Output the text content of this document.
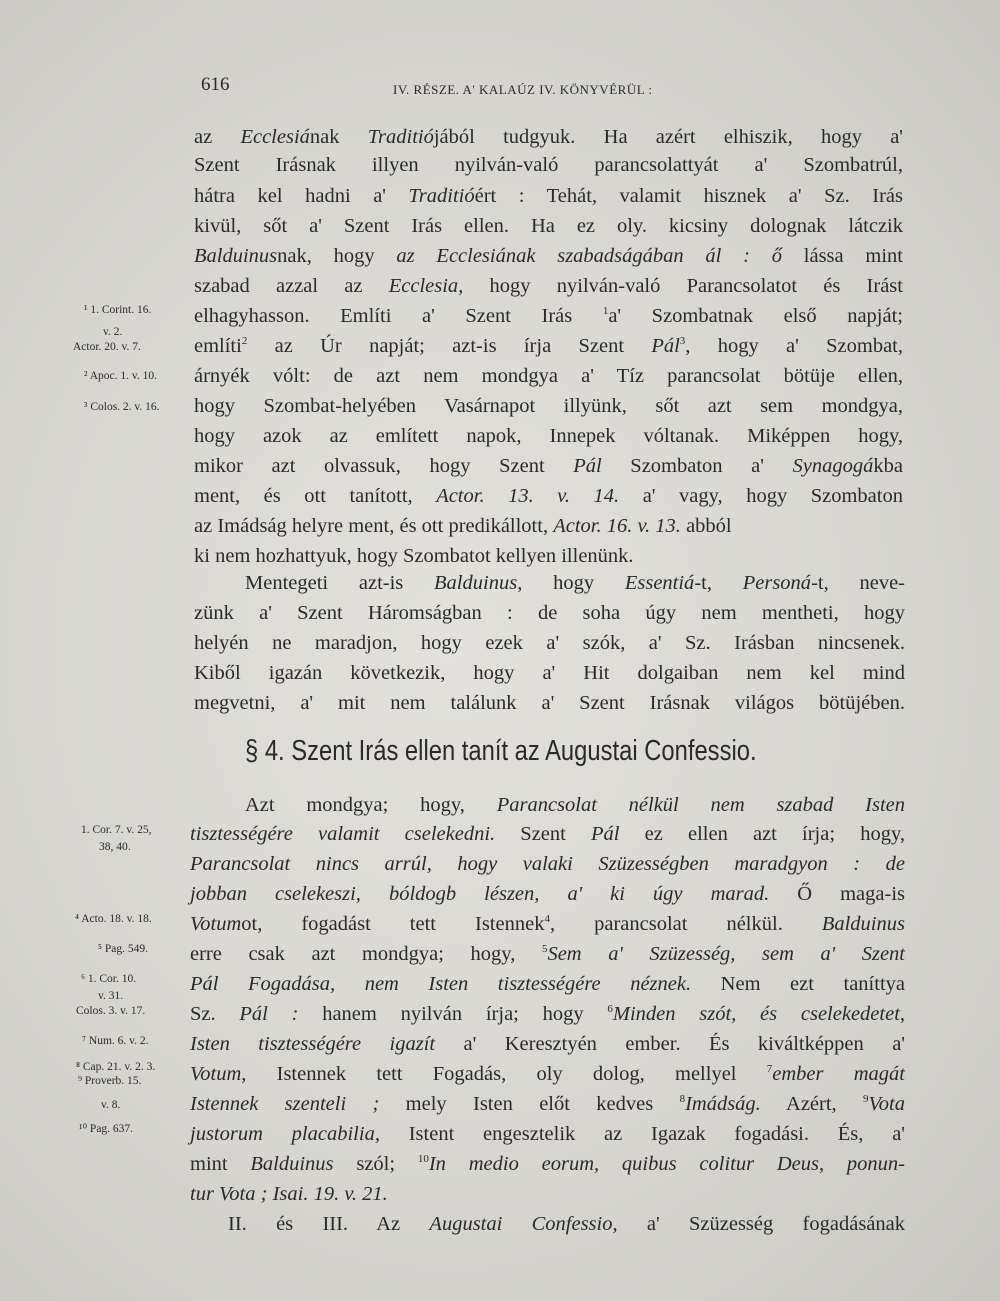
616	IV. RÉSZE. A' KALAÚZ IV. KÖNYVÉRÜL :
az Ecclesiának Traditiójából tudgyuk. Ha azért elhiszik, hogy a'
Szent Irásnak illyen nyilván-való parancsolattyát a' Szombatrúl,
hátra kel hadni a' Traditióért : Tehát, valamit hisznek a' Sz. Irás
kivül, sőt a' Szent Irás ellen. Ha ez oly. kicsiny dolognak látczik
Balduinusnak, hogy az Ecclesiának szabadságában ál : ő lássa mint
szabad azzal az Ecclesia, hogy nyilván-való Parancsolatot és Irást
elhagyhasson. Említi a' Szent Irás $^1$a' Szombatnak első napját;
említi$^2$ az Úr napját; azt-is írja Szent Pál$^3$, hogy a' Szombat,
árnyék vólt: de azt nem mondgya a' Tíz parancsolat bötüje ellen,
hogy Szombat-helyében Vasárnapot illyünk, sőt azt sem mondgya,
hogy azok az említett napok, Innepek vóltanak. Miképpen hogy,
mikor azt olvassuk, hogy Szent Pál Szombaton a' Synagogákba
ment, és ott tanított, Actor. 13. v. 14. a' vagy, hogy Szombaton
az Imádság helyre ment, és ott predikállott, Actor. 16. v. 13. abból
ki nem hozhattyuk, hogy Szombatot kellyen illenünk.
Mentegeti azt-is Balduinus, hogy Essentiá-t, Personá-t, neve-
zünk a' Szent Háromságban : de soha úgy nem mentheti, hogy
helyén ne maradjon, hogy ezek a' szók, a' Sz. Irásban nincsenek.
Kiből igazán következik, hogy a' Hit dolgaiban nem kel mind
megvetni, a' mit nem találunk a' Szent Irásnak világos bötüjében.
Azt mondgya; hogy, Parancsolat nélkül nem szabad Isten
tisztességére valamit cselekedni. Szent Pál ez ellen azt írja; hogy,
Parancsolat nincs arrúl, hogy valaki Szüzességben maradgyon : de
jobban cselekeszi, bóldogb lészen, a' ki úgy marad. Ő maga-is
Votumot, fogadást tett Istennek$^4$, parancsolat nélkül. Balduinus
erre csak azt mondgya; hogy, $^5$Sem a' Szüzesség, sem a' Szent
Pál Fogadása, nem Isten tisztességére néznek. Nem ezt taníttya
Sz. Pál : hanem nyilván írja; hogy $^6$Minden szót, és cselekedetet,
Isten tisztességére igazít a' Keresztyén ember. És kiváltképpen a'
Votum, Istennek tett Fogadás, oly dolog, mellyel $^7$ember magát
Istennek szenteli ; mely Isten előt kedves $^8$Imádság. Azért, $^9$Vota
justorum placabilia, Istent engesztelik az Igazak fogadási. És, a'
mint Balduinus szól; $^{10}$In medio eorum, quibus colitur Deus, ponun-
tur Vota ; Isai. 19. v. 21.
II. és III. Az Augustai Confessio, a' Szüzesség fogadásának
§ 4. Szent Irás ellen tanít az Augustai Confessio.
¹ 1. Corint. 16.
v. 2.
Actor. 20. v. 7.
² Apoc. 1. v. 10.
³ Colos. 2. v. 16.
1. Cor. 7. v. 25,
38, 40.
⁴ Acto. 18. v. 18.
⁵ Pag. 549.
⁶ 1. Cor. 10.
v. 31.
Colos. 3. v. 17.
⁷ Num. 6. v. 2.
⁸ Cap. 21. v. 2. 3.
⁹ Proverb. 15.
v. 8.
¹⁰ Pag. 637.
